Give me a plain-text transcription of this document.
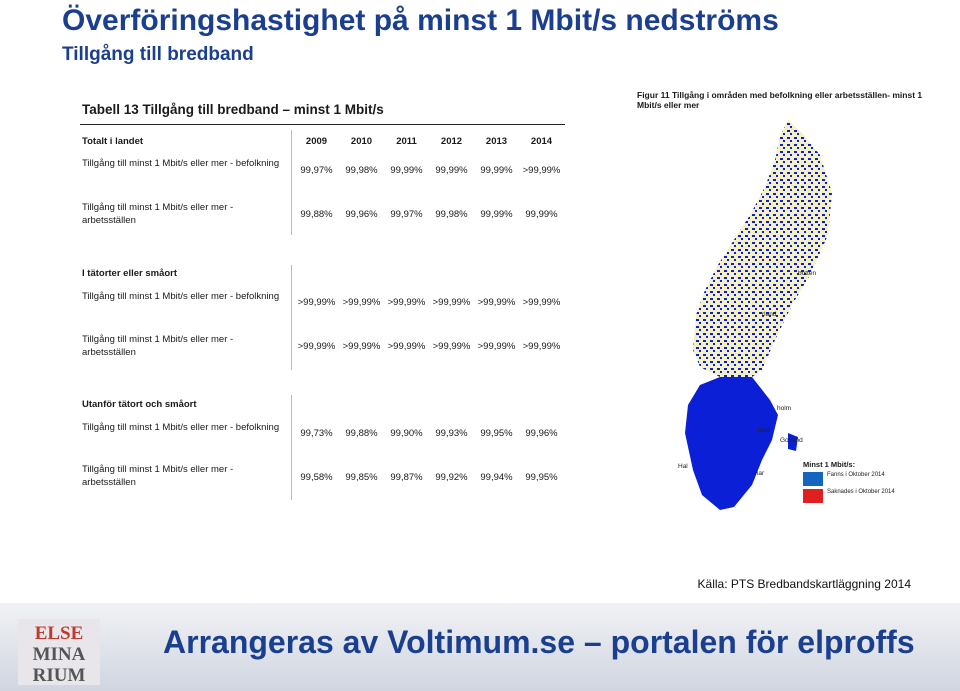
Överföringshastighet på minst 1 Mbit/s nedströms
Tillgång till bredband
Tabell 13 Tillgång till bredband – minst 1 Mbit/s
Totalt i landet	2009	2010	2011	2012	2013	2014
Tillgång till minst 1 Mbit/s eller mer - befolkning
99,97%	99,98%	99,99%	99,99%	99,99%	>99,99%
Tillgång till minst 1 Mbit/s eller mer - arbetsställen
99,88%	99,96%	99,97%	99,98%	99,99%	99,99%
I tätorter eller småort
Tillgång till minst 1 Mbit/s eller mer - befolkning
>99,99% >99,99% >99,99% >99,99% >99,99% >99,99%
Tillgång till minst 1 Mbit/s eller mer - arbetsställen
>99,99% >99,99% >99,99% >99,99% >99,99% >99,99%
Utanför tätort och småort
Tillgång till minst 1 Mbit/s eller mer - befolkning
99,73%	99,88%	99,90%	99,93%	99,95%	99,96%
Tillgång till minst 1 Mbit/s eller mer - arbetsställen	99,58%	99,85%	99,87%	99,92%	99,94%	99,95%
Figur 11 Tillgång i områden med befolkning eller arbetsställen- minst 1 Mbit/s eller mer
botten
rland
holm
Gotland
land
Hal
mar
Minst 1 Mbit/s:
Fanns i Oktober 2014
Saknades i Oktober 2014
Källa: PTS Bredbandskartläggning 2014
ELSE
MINA
RIUM
Arrangeras av Voltimum.se – portalen för elproffs
